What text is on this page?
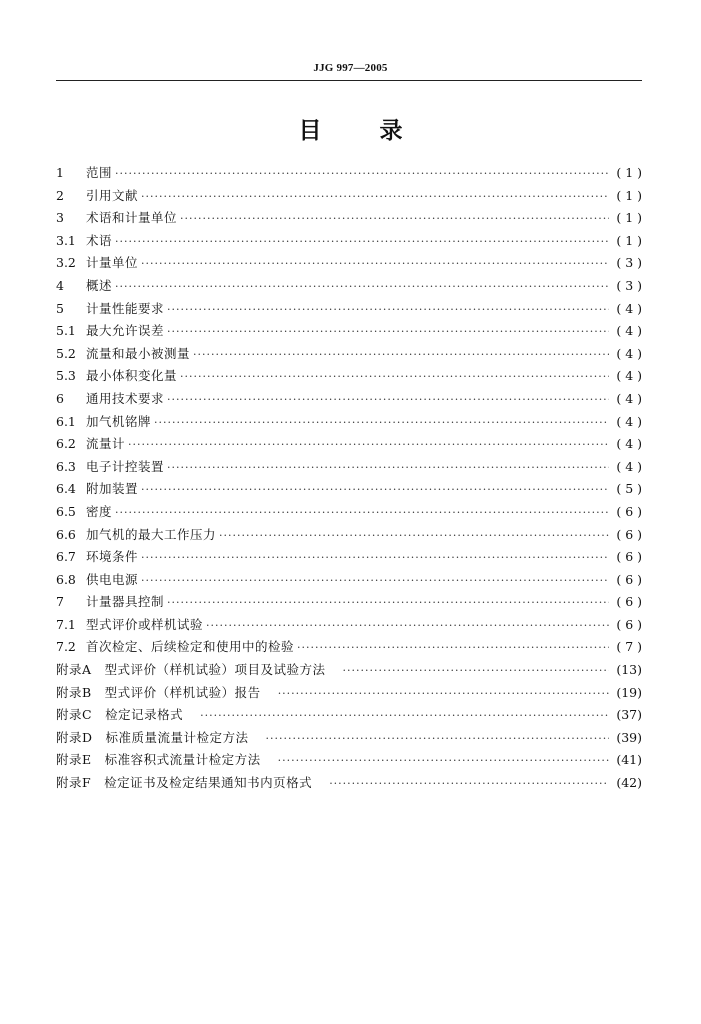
JJG 997—2005
目	录
1	范围 ·····	( 1 )
2	引用文献 ·····	( 1 )
3	术语和计量单位 ·····	( 1 )
3.1 术语 ·····	( 1 )
3.2 计量单位 ·····	( 3 )
4	概述 ·····	( 3 )
5	计量性能要求 ·····	( 4 )
5.1 最大允许误差 ·····	( 4 )
5.2 流量和最小被测量 ·····	( 4 )
5.3 最小体积变化量 ·····	( 4 )
6	通用技术要求 ·····	( 4 )
6.1 加气机铭牌 ·····	( 4 )
6.2 流量计 ·····	( 4 )
6.3 电子计控装置 ·····	( 4 )
6.4 附加装置 ·····	( 5 )
6.5 密度 ·····	( 6 )
6.6 加气机的最大工作压力 ·····	( 6 )
6.7 环境条件 ·····	( 6 )
6.8 供电电源 ·····	( 6 )
7	计量器具控制 ·····	( 6 )
7.1 型式评价或样机试验 ·····	( 6 )
7.2 首次检定、后续检定和使用中的检验 ·····	( 7 )
附录A　型式评价（样机试验）项目及试验方法 ·····	(13)
附录B　型式评价（样机试验）报告 ·····	(19)
附录C　检定记录格式 ·····	(37)
附录D　标准质量流量计检定方法 ·····	(39)
附录E　标准容积式流量计检定方法 ·····	(41)
附录F　检定证书及检定结果通知书内页格式 ·····	(42)
